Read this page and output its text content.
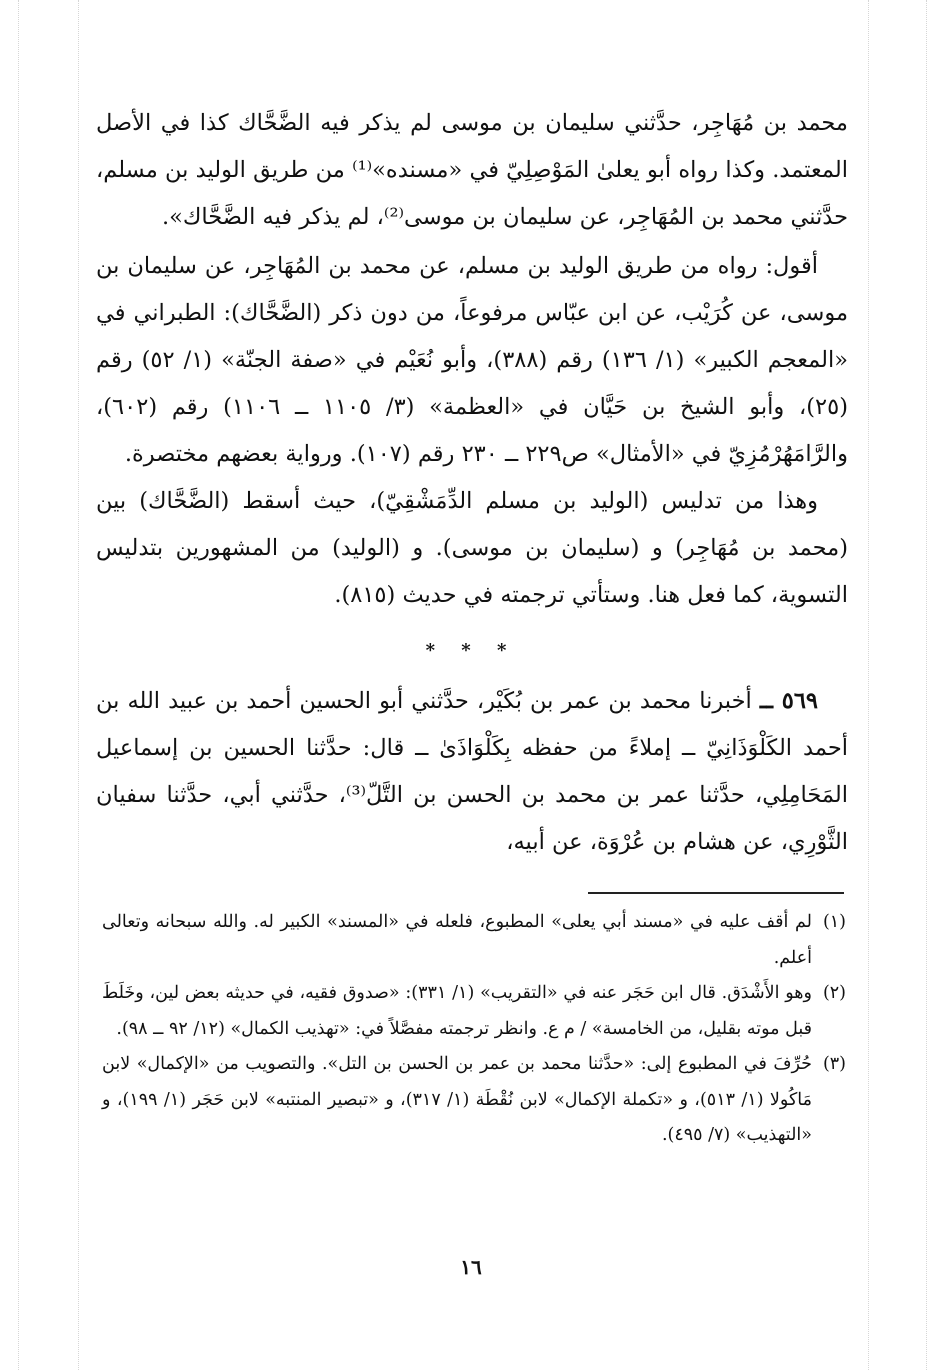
محمد بن مُهَاجِر، حدَّثني سليمان بن موسى لم يذكر فيه الضَّحَّاك كذا في الأصل المعتمد. وكذا رواه أبو يعلىٰ المَوْصِلِيّ في «مسنده»⁽¹⁾ من طريق الوليد بن مسلم، حدَّثني محمد بن المُهَاجِر، عن سليمان بن موسى⁽²⁾، لم يذكر فيه الضَّحَّاك».

أقول: رواه من طريق الوليد بن مسلم، عن محمد بن المُهَاجِر، عن سليمان بن موسى، عن كُرَيْب، عن ابن عبّاس مرفوعاً، من دون ذكر (الضَّحَّاك): الطبراني في «المعجم الكبير» (١/ ١٣٦) رقم (٣٨٨)، وأبو نُعَيْم في «صفة الجنّة» (١/ ٥٢) رقم (٢٥)، وأبو الشيخ بن حَيَّان في «العظمة» (٣/ ١١٠٥ ــ ١١٠٦) رقم (٦٠٢)، والرَّامَهُرْمُزِيّ في «الأمثال» ص٢٢٩ ــ ٢٣٠ رقم (١٠٧). ورواية بعضهم مختصرة.

وهذا من تدليس (الوليد بن مسلم الدِّمَشْقِيّ)، حيث أسقط (الضَّحَّاك) بين (محمد بن مُهَاجِر) و (سليمان بن موسى). و (الوليد) من المشهورين بتدليس التسوية، كما فعل هنا. وستأتي ترجمته في حديث (٨١٥).

* * *

٥٦٩ ــ أخبرنا محمد بن عمر بن بُكَيْر، حدَّثني أبو الحسين أحمد بن عبيد الله بن أحمد الكَلْوَذَانِيّ ــ إملاءً من حفظه بِكَلْوَاذَىٰ ــ قال: حدَّثنا الحسين بن إسماعيل المَحَامِلِي، حدَّثنا عمر بن محمد بن الحسن بن التَّلّ⁽³⁾، حدَّثني أبي، حدَّثنا سفيان الثَّوْرِي، عن هشام بن عُرْوَة، عن أبيه،

(١)
لم أقف عليه في «مسند أبي يعلى» المطبوع، فلعله في «المسند» الكبير له. والله سبحانه وتعالى أعلم.
(٢)
وهو الأَشْدَق. قال ابن حَجَر عنه في «التقريب» (١/ ٣٣١): «صدوق فقيه، في حديثه بعض لين، وخَلَطَ قبل موته بقليل، من الخامسة» / م ع. وانظر ترجمته مفصَّلاً في: «تهذيب الكمال» (١٢/ ٩٢ ــ ٩٨).
(٣)
حُرِّفَ في المطبوع إلى: «حدَّثنا محمد بن عمر بن الحسن بن التل». والتصويب من «الإكمال» لابن مَاكُولا (١/ ٥١٣)، و «تكملة الإكمال» لابن نُقْطَة (١/ ٣١٧)، و «تبصير المنتبه» لابن حَجَر (١/ ١٩٩)، و «التهذيب» (٧/ ٤٩٥).
١٦
